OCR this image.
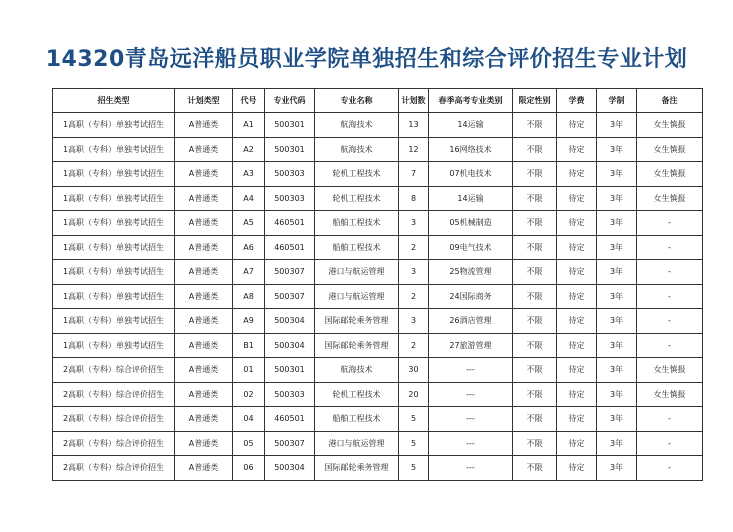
14320青岛远洋船员职业学院单独招生和综合评价招生专业计划
招生类型	计划类型	代号	专业代码	专业名称	计划数	春季高考专业类别	限定性别	学费	学制	备注
1高职（专科）单独考试招生	A普通类	A1	500301	航海技术	13	14运输	不限	待定	3年	女生慎报
1高职（专科）单独考试招生	A普通类	A2	500301	航海技术	12	16网络技术	不限	待定	3年	女生慎报
1高职（专科）单独考试招生	A普通类	A3	500303	轮机工程技术	7	07机电技术	不限	待定	3年	女生慎报
1高职（专科）单独考试招生	A普通类	A4	500303	轮机工程技术	8	14运输	不限	待定	3年	女生慎报
1高职（专科）单独考试招生	A普通类	A5	460501	船舶工程技术	3	05机械制造	不限	待定	3年	-
1高职（专科）单独考试招生	A普通类	A6	460501	船舶工程技术	2	09电气技术	不限	待定	3年	-
1高职（专科）单独考试招生	A普通类	A7	500307	港口与航运管理	3	25物流管理	不限	待定	3年	-
1高职（专科）单独考试招生	A普通类	A8	500307	港口与航运管理	2	24国际商务	不限	待定	3年	-
1高职（专科）单独考试招生	A普通类	A9	500304	国际邮轮乘务管理	3	26酒店管理	不限	待定	3年	-
1高职（专科）单独考试招生	A普通类	B1	500304	国际邮轮乘务管理	2	27旅游管理	不限	待定	3年	-
2高职（专科）综合评价招生	A普通类	01	500301	航海技术	30	---	不限	待定	3年	女生慎报
2高职（专科）综合评价招生	A普通类	02	500303	轮机工程技术	20	---	不限	待定	3年	女生慎报
2高职（专科）综合评价招生	A普通类	04	460501	船舶工程技术	5	---	不限	待定	3年	-
2高职（专科）综合评价招生	A普通类	05	500307	港口与航运管理	5	---	不限	待定	3年	-
2高职（专科）综合评价招生	A普通类	06	500304	国际邮轮乘务管理	5	---	不限	待定	3年	-
